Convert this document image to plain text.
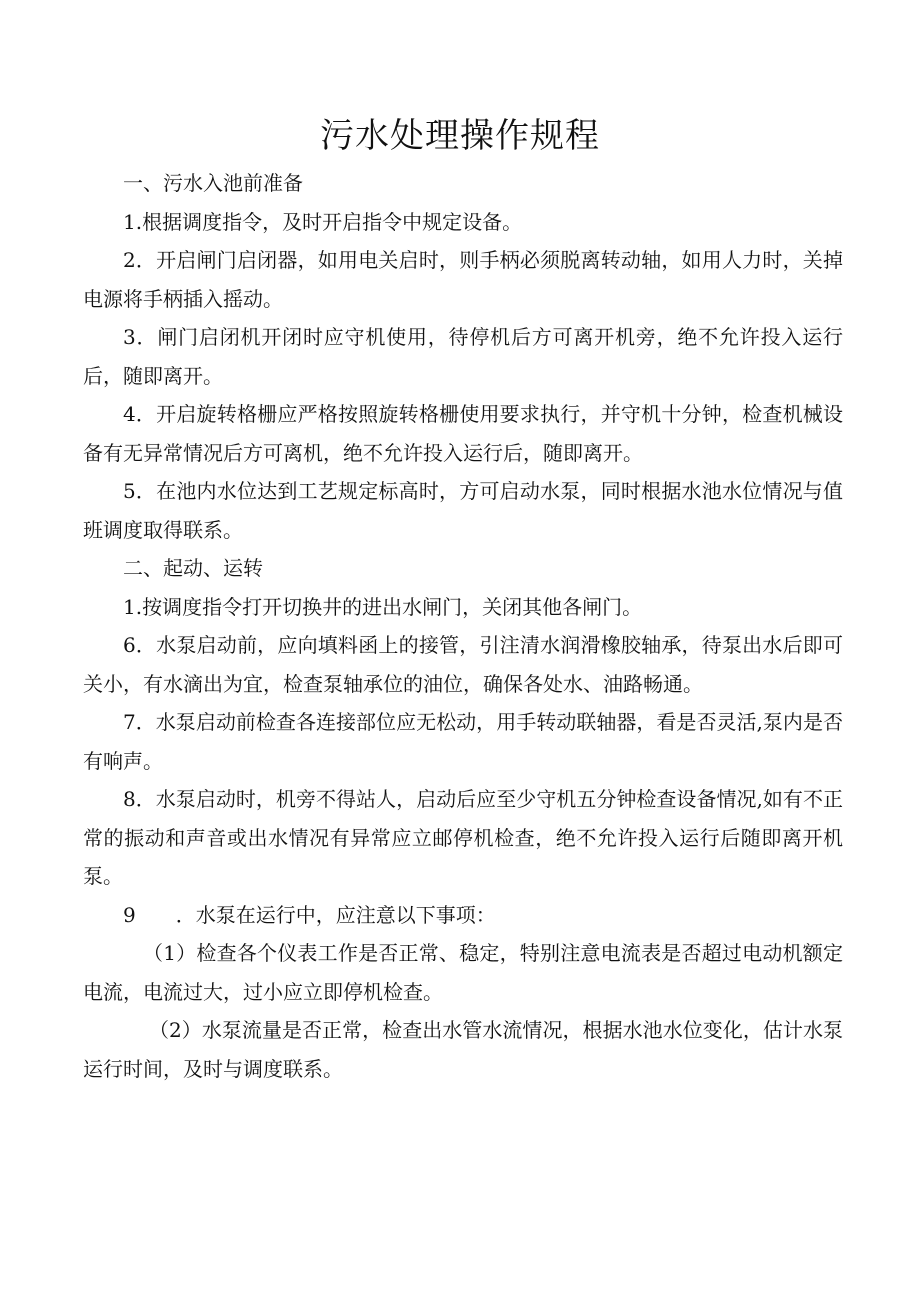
污水处理操作规程

一、污水入池前准备

1.根据调度指令，及时开启指令中规定设备。

2．开启闸门启闭器，如用电关启时，则手柄必须脱离转动轴，如用人力时，关掉电源将手柄插入摇动。

3．闸门启闭机开闭时应守机使用，待停机后方可离开机旁，绝不允许投入运行后，随即离开。

4．开启旋转格栅应严格按照旋转格栅使用要求执行，并守机十分钟，检查机械设备有无异常情况后方可离机，绝不允许投入运行后，随即离开。

5．在池内水位达到工艺规定标高时，方可启动水泵，同时根据水池水位情况与值班调度取得联系。

二、起动、运转

1.按调度指令打开切换井的进出水闸门，关闭其他各闸门。

6．水泵启动前，应向填料函上的接管，引注清水润滑橡胶轴承，待泵出水后即可关小，有水滴出为宜，检查泵轴承位的油位，确保各处水、油路畅通。

7．水泵启动前检查各连接部位应无松动，用手转动联轴器，看是否灵活,泵内是否有响声。

8．水泵启动时，机旁不得站人，启动后应至少守机五分钟检查设备情况,如有不正常的振动和声音或出水情况有异常应立邮停机检查，绝不允许投入运行后随即离开机泵。

9　　．水泵在运行中，应注意以下事项：

（1）检查各个仪表工作是否正常、稳定，特别注意电流表是否超过电动机额定电流，电流过大，过小应立即停机检查。

（2）水泵流量是否正常，检查出水管水流情况，根据水池水位变化，估计水泵运行时间，及时与调度联系。
